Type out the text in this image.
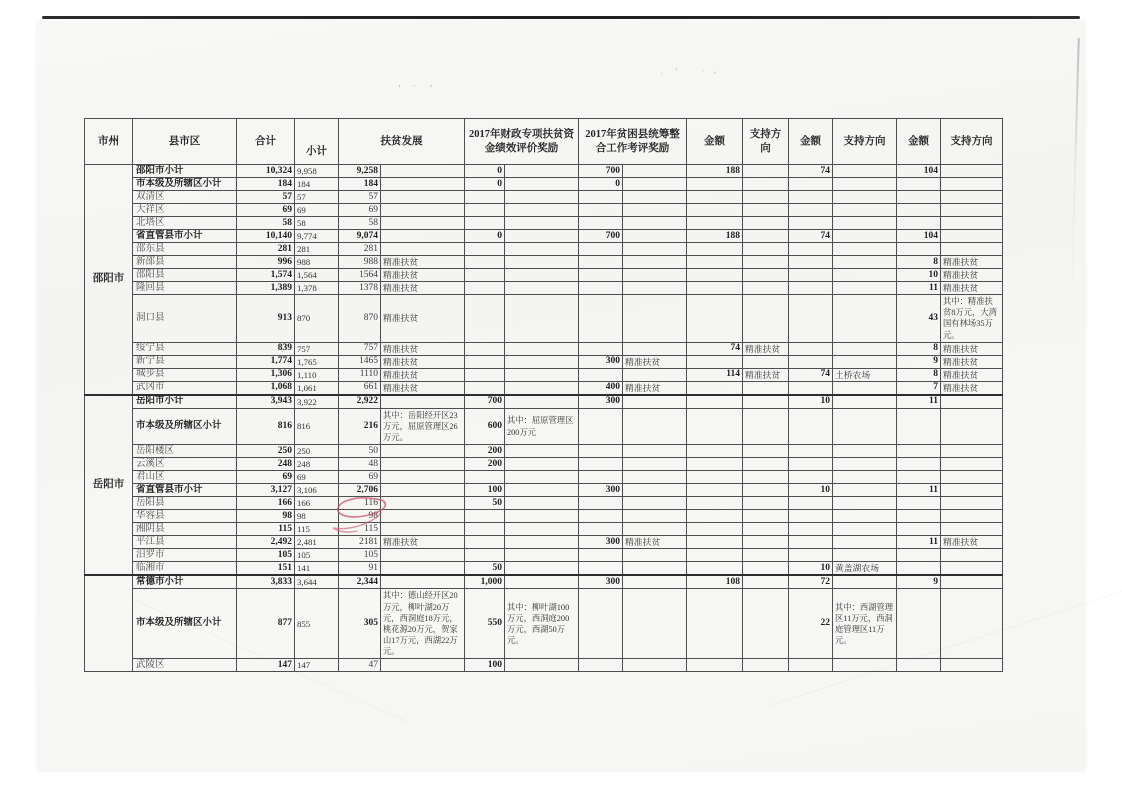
，. ，
·＇ ·，
市州	县市区	合计	小计	扶贫发展		2017年财政专项扶贫资金绩效评价奖励		2017年贫困县统筹整合工作考评奖励		金额	支持方向	金额	支持方向	金额	支持方向
邵阳市	邵阳市小计	10,324	9,958	9,258		0		700		188		74		104	
	市本级及所辖区小计	184	184	184		0		0							
	双清区	57	57	57											
	大祥区	69	69	69											
	北塔区	58	58	58											
	省直管县市小计	10,140	9,774	9,074		0		700		188		74		104	
	邵东县	281	281	281											
	新邵县	996	988	988	精准扶贫									8	精准扶贫
	邵阳县	1,574	1,564	1564	精准扶贫									10	精准扶贫
	隆回县	1,389	1,378	1378	精准扶贫									11	精准扶贫
	洞口县	913	870	870	精准扶贫									43	其中：精准扶贫8万元，大湾国有林场35万元。
	绥宁县	839	757	757	精准扶贫					74	精准扶贫			8	精准扶贫
	新宁县	1,774	1,765	1465	精准扶贫			300	精准扶贫					9	精准扶贫
	城步县	1,306	1,110	1110	精准扶贫					114	精准扶贫	74	土桥农场	8	精准扶贫
	武冈市	1,068	1,061	661	精准扶贫			400	精准扶贫					7	精准扶贫
岳阳市	岳阳市小计	3,943	3,922	2,922		700		300				10		11	
	市本级及所辖区小计	816	816	216	其中：岳阳经开区23万元，屈原管理区26万元。	600	其中：屈原管理区200万元								
	岳阳楼区	250	250	50		200									
	云溪区	248	248	48		200									
	君山区	69	69	69											
	省直管县市小计	3,127	3,106	2,706		100		300				10		11	
	岳阳县	166	166	116		50									
	华容县	98	98	98											
	湘阴县	115	115	115											
	平江县	2,492	2,481	2181	精准扶贫			300	精准扶贫					11	精准扶贫
	汨罗市	105	105	105											
	临湘市	151	141	91		50						10	黄盖湖农场		
	常德市小计	3,833	3,644	2,344		1,000		300		108		72		9	
	市本级及所辖区小计	877	855	305	其中：德山经开区20万元，柳叶湖20万元，西洞庭18万元，桃花源20万元，贺家山17万元，西湖22万元。	550	其中：柳叶湖100万元，西洞庭200万元，西湖50万元。					22	其中：西湖管理区11万元，西洞庭管理区11万元。		
	武陵区	147	147	47		100									
